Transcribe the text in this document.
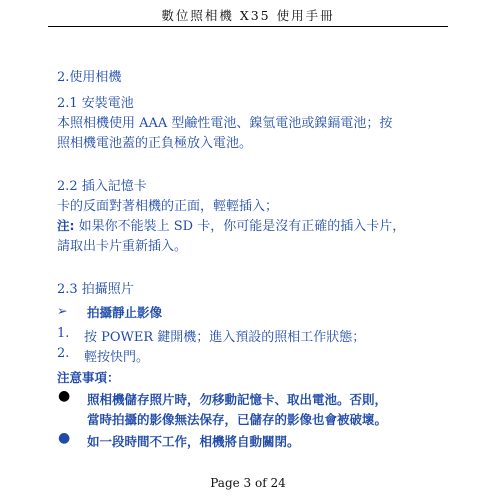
數位照相機 X35 使用手冊
2.使用相機
2.1 安裝電池
本照相機使用 AAA 型鹼性電池、鎳氫電池或鎳鎘電池；按
照相機電池蓋的正負極放入電池。
2.2 插入記憶卡
卡的反面對著相機的正面，輕輕插入；
注: 如果你不能裝上 SD 卡，你可能是沒有正確的插入卡片，
請取出卡片重新插入。
2.3 拍攝照片
➢ 拍攝靜止影像
1. 按 POWER 鍵開機；進入預設的照相工作狀態；
2. 輕按快門。
注意事項：
● 照相機儲存照片時，勿移動記憶卡、取出電池。否則，
當時拍攝的影像無法保存，已儲存的影像也會被破壞。
● 如一段時間不工作，相機將自動關閉。
Page 3 of 24
